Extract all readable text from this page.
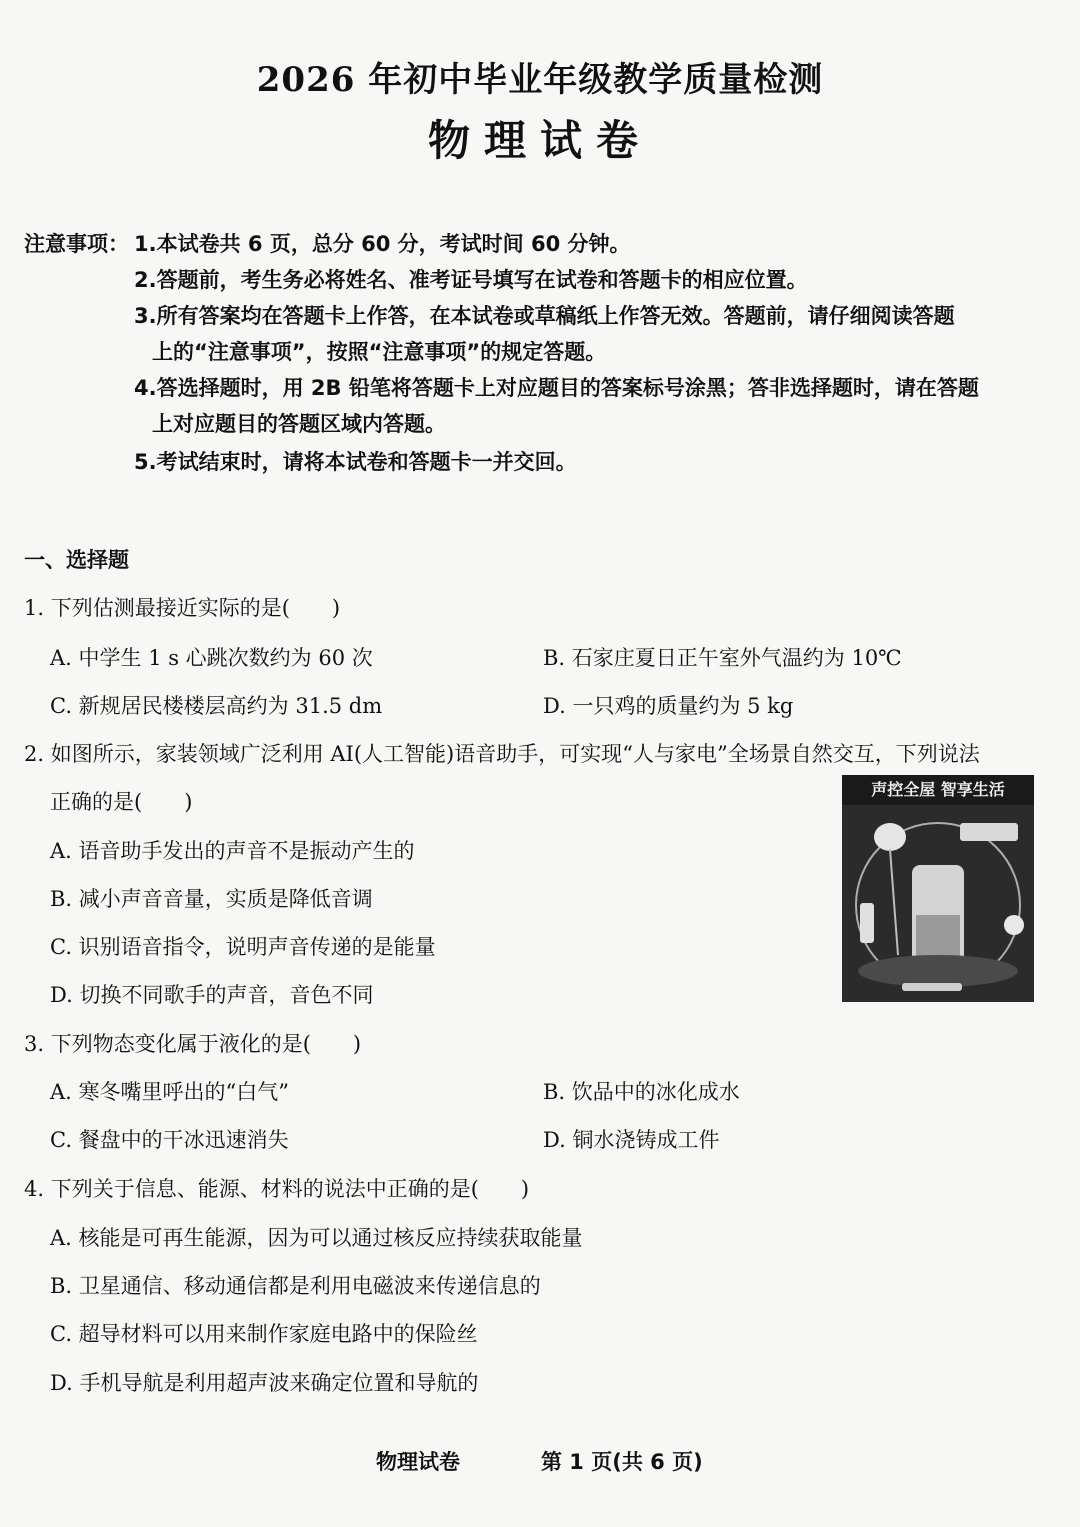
2026 年初中毕业年级教学质量检测
物理试卷
注意事项： 1.本试卷共 6 页，总分 60 分，考试时间 60 分钟。
2.答题前，考生务必将姓名、准考证号填写在试卷和答题卡的相应位置。
3.所有答案均在答题卡上作答，在本试卷或草稿纸上作答无效。答题前，请仔细阅读答题
上的“注意事项”，按照“注意事项”的规定答题。
4.答选择题时，用 2B 铅笔将答题卡上对应题目的答案标号涂黑；答非选择题时，请在答题
上对应题目的答题区域内答题。
5.考试结束时，请将本试卷和答题卡一并交回。
一、选择题
1. 下列估测最接近实际的是(　　)
A. 中学生 1 s 心跳次数约为 60 次	B. 石家庄夏日正午室外气温约为 10℃
C. 新规居民楼楼层高约为 31.5 dm	D. 一只鸡的质量约为 5 kg
2. 如图所示，家装领域广泛利用 AI(人工智能)语音助手，可实现“人与家电”全场景自然交互，下列说法
正确的是(　　)
A. 语音助手发出的声音不是振动产生的
B. 减小声音音量，实质是降低音调
C. 识别语音指令，说明声音传递的是能量
D. 切换不同歌手的声音，音色不同
声控全屋 智享生活
3. 下列物态变化属于液化的是(　　)
A. 寒冬嘴里呼出的“白气”	B. 饮品中的冰化成水
C. 餐盘中的干冰迅速消失	D. 铜水浇铸成工件
4. 下列关于信息、能源、材料的说法中正确的是(　　)
A. 核能是可再生能源，因为可以通过核反应持续获取能量
B. 卫星通信、移动通信都是利用电磁波来传递信息的
C. 超导材料可以用来制作家庭电路中的保险丝
D. 手机导航是利用超声波来确定位置和导航的
物理试卷	第 1 页(共 6 页)
